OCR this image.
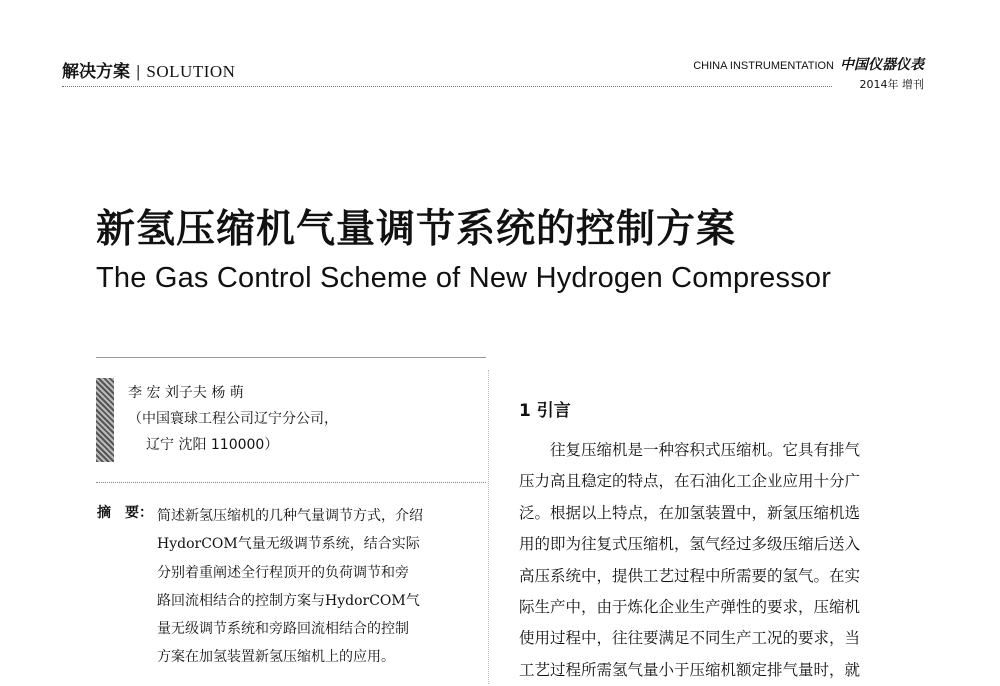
解决方案 | SOLUTION	CHINA INSTRUMENTATION 中国仪器仪表
2014年 增刊
新氢压缩机气量调节系统的控制方案
The Gas Control Scheme of New Hydrogen Compressor
李 宏 刘子夫 杨 萌
（中国寰球工程公司辽宁分公司，
辽宁 沈阳 110000）
摘　要： 简述新氢压缩机的几种气量调节方式，介绍
HydorCOM气量无级调节系统，结合实际
分别着重阐述全行程顶开的负荷调节和旁
路回流相结合的控制方案与HydorCOM气
量无级调节系统和旁路回流相结合的控制
方案在加氢装置新氢压缩机上的应用。
1 引言
往复压缩机是一种容积式压缩机。它具有排气
压力高且稳定的特点，在石油化工企业应用十分广
泛。根据以上特点，在加氢装置中，新氢压缩机选
用的即为往复式压缩机，氢气经过多级压缩后送入
高压系统中，提供工艺过程中所需要的氢气。在实
际生产中，由于炼化企业生产弹性的要求，压缩机
使用过程中，往往要满足不同生产工况的要求，当
工艺过程所需氢气量小于压缩机额定排气量时，就
